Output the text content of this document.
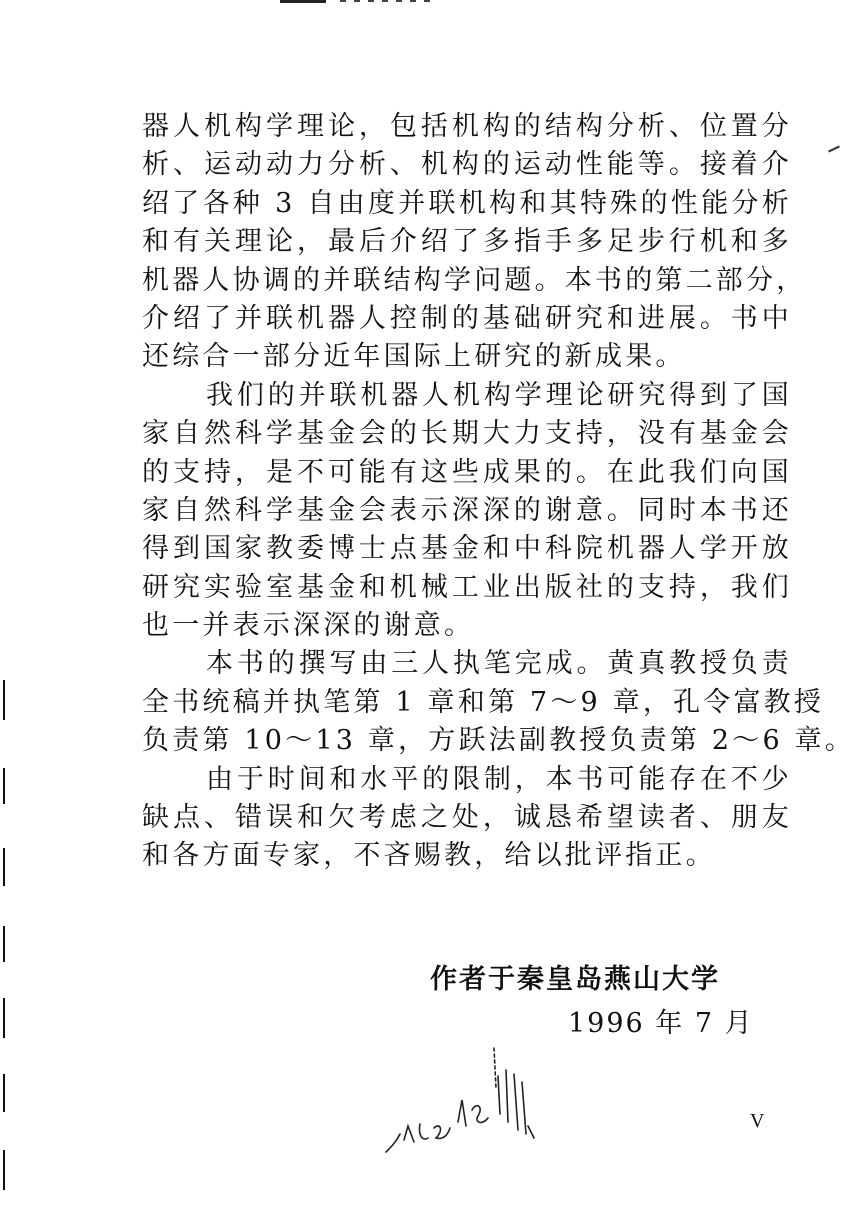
器人机构学理论，包括机构的结构分析、位置分
析、运动动力分析、机构的运动性能等。接着介
绍了各种 3 自由度并联机构和其特殊的性能分析
和有关理论，最后介绍了多指手多足步行机和多
机器人协调的并联结构学问题。本书的第二部分，
介绍了并联机器人控制的基础研究和进展。书中
还综合一部分近年国际上研究的新成果。
我们的并联机器人机构学理论研究得到了国
家自然科学基金会的长期大力支持，没有基金会
的支持，是不可能有这些成果的。在此我们向国
家自然科学基金会表示深深的谢意。同时本书还
得到国家教委博士点基金和中科院机器人学开放
研究实验室基金和机械工业出版社的支持，我们
也一并表示深深的谢意。
本书的撰写由三人执笔完成。黄真教授负责
全书统稿并执笔第 1 章和第 7～9 章，孔令富教授
负责第 10～13 章，方跃法副教授负责第 2～6 章。
由于时间和水平的限制，本书可能存在不少
缺点、错误和欠考虑之处，诚恳希望读者、朋友
和各方面专家，不吝赐教，给以批评指正。
作者于秦皇岛燕山大学
1996 年 7 月
V
